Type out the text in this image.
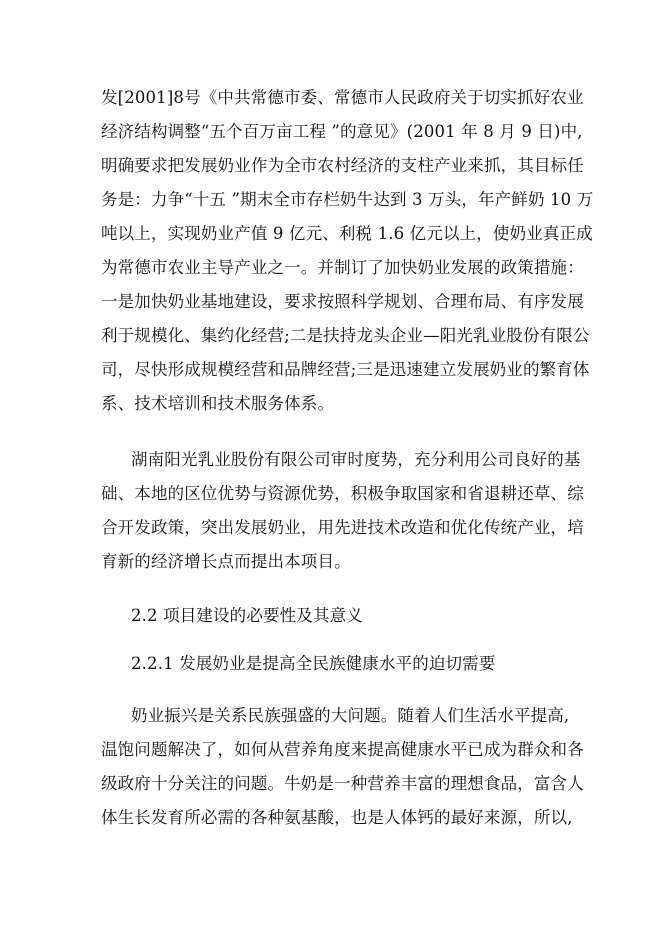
发[2001]8号《中共常德市委、常德市人民政府关于切实抓好农业
经济结构调整“五个百万亩工程 ”的意见》(2001 年 8 月 9 日)中,
明确要求把发展奶业作为全市农村经济的支柱产业来抓，其目标任
务是：力争“十五 ”期末全市存栏奶牛达到 3 万头，年产鲜奶 10 万
吨以上，实现奶业产值 9 亿元、利税 1.6 亿元以上，使奶业真正成
为常德市农业主导产业之一。并制订了加快奶业发展的政策措施：
一是加快奶业基地建设，要求按照科学规划、合理布局、有序发展
利于规模化、集约化经营;二是扶持龙头企业—阳光乳业股份有限公
司，尽快形成规模经营和品牌经营;三是迅速建立发展奶业的繁育体
系、技术培训和技术服务体系。
湖南阳光乳业股份有限公司审时度势，充分利用公司良好的基
础、本地的区位优势与资源优势，积极争取国家和省退耕还草、综
合开发政策，突出发展奶业，用先进技术改造和优化传统产业，培
育新的经济增长点而提出本项目。
2.2 项目建设的必要性及其意义
2.2.1 发展奶业是提高全民族健康水平的迫切需要
奶业振兴是关系民族强盛的大问题。随着人们生活水平提高,
温饱问题解决了，如何从营养角度来提高健康水平已成为群众和各
级政府十分关注的问题。牛奶是一种营养丰富的理想食品，富含人
体生长发育所必需的各种氨基酸，也是人体钙的最好来源，所以,
